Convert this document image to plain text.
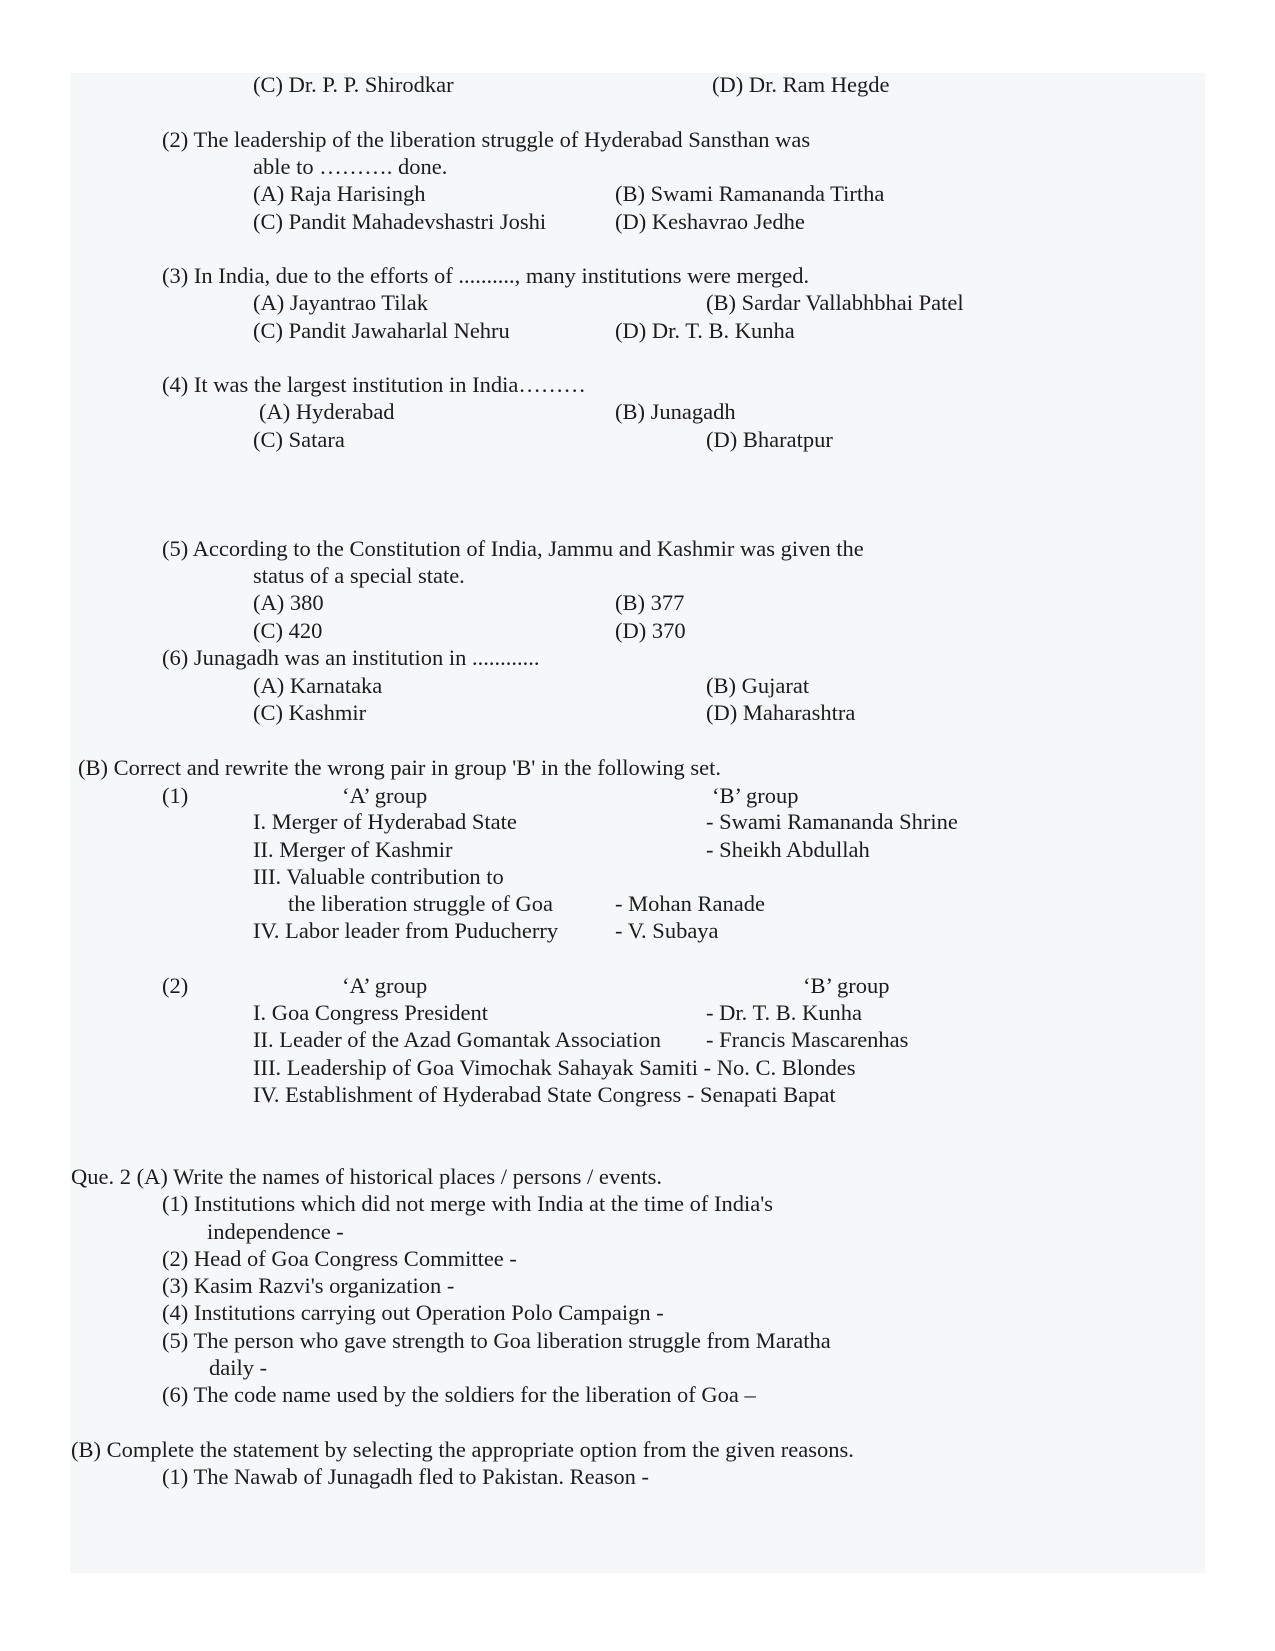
(C) Dr. P. P. Shirodkar	(D) Dr. Ram Hegde
(2) The leadership of the liberation struggle of Hyderabad Sansthan was
able to ………. done.
(A) Raja Harisingh	(B) Swami Ramananda Tirtha
(C) Pandit Mahadevshastri Joshi	(D) Keshavrao Jedhe
(3) In India, due to the efforts of .........., many institutions were merged.
(A) Jayantrao Tilak	(B) Sardar Vallabhbhai Patel
(C) Pandit Jawaharlal Nehru	(D) Dr. T. B. Kunha
(4) It was the largest institution in India………
(A) Hyderabad	(B) Junagadh
(C) Satara	(D) Bharatpur
(5) According to the Constitution of India, Jammu and Kashmir was given the
status of a special state.
(A) 380	(B) 377
(C) 420	(D) 370
(6) Junagadh was an institution in ............
(A) Karnataka	(B) Gujarat
(C) Kashmir	(D) Maharashtra
(B) Correct and rewrite the wrong pair in group 'B' in the following set.
(1)	‘A’ group	‘B’ group
I. Merger of Hyderabad State	- Swami Ramananda Shrine
II. Merger of Kashmir	- Sheikh Abdullah
III. Valuable contribution to
the liberation struggle of Goa	- Mohan Ranade
IV. Labor leader from Puducherry	- V. Subaya
(2)	‘A’ group	‘B’ group
I. Goa Congress President	- Dr. T. B. Kunha
II. Leader of the Azad Gomantak Association - Francis Mascarenhas
III. Leadership of Goa Vimochak Sahayak Samiti - No. C. Blondes
IV. Establishment of Hyderabad State Congress - Senapati Bapat
Que. 2 (A) Write the names of historical places / persons / events.
(1) Institutions which did not merge with India at the time of India's
independence -
(2) Head of Goa Congress Committee -
(3) Kasim Razvi's organization -
(4) Institutions carrying out Operation Polo Campaign -
(5) The person who gave strength to Goa liberation struggle from Maratha
daily -
(6) The code name used by the soldiers for the liberation of Goa –
(B) Complete the statement by selecting the appropriate option from the given reasons.
(1) The Nawab of Junagadh fled to Pakistan. Reason -
